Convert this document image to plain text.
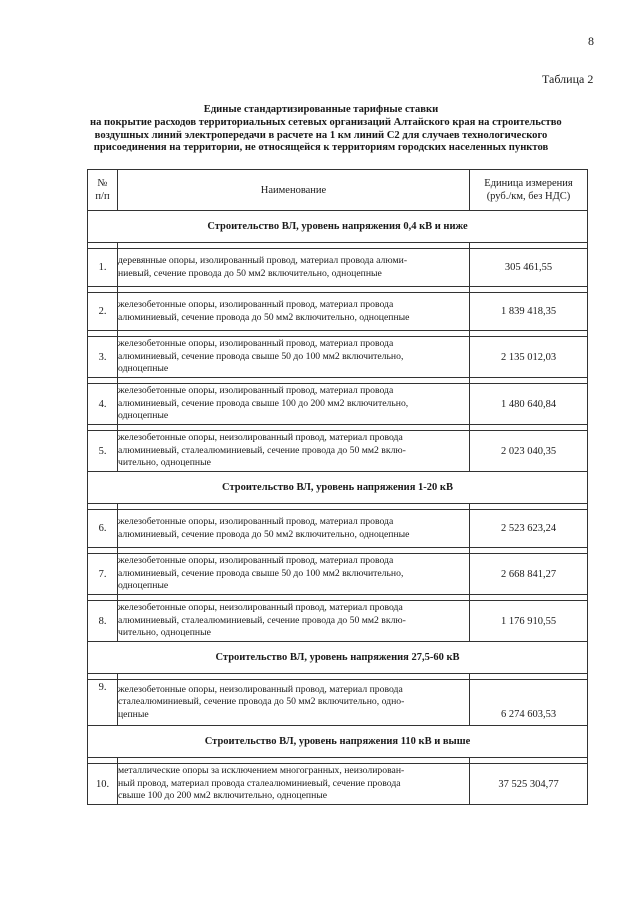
8
Таблица 2
Единые стандартизированные тарифные ставки
на покрытие расходов территориальных сетевых организаций Алтайского края на строительство
воздушных линий электропередачи в расчете на 1 км линий С2 для случаев технологического
присоединения на территории, не относящейся к территориям городских населенных пунктов
№
п/п	Наименование	Единица измерения
(руб./км, без НДС)
Строительство ВЛ, уровень напряжения 0,4 кВ и ниже		

1.	деревянные опоры, изолированный провод, материал провода алюми-
ниевый, сечение провода до 50 мм2 включительно, одноцепные	305 461,55

2.	железобетонные опоры, изолированный провод, материал провода
алюминиевый, сечение провода до 50 мм2 включительно, одноцепные	1 839 418,35

3.	железобетонные опоры, изолированный провод, материал провода
алюминиевый, сечение провода свыше 50 до 100 мм2 включительно,
одноцепные	2 135 012,03

4.	железобетонные опоры, изолированный провод, материал провода
алюминиевый, сечение провода свыше 100 до 200 мм2 включительно,
одноцепные	1 480 640,84

5.	железобетонные опоры, неизолированный провод, материал провода
алюминиевый, сталеалюминиевый, сечение провода до 50 мм2 вклю-
чительно, одноцепные	2 023 040,35
Строительство ВЛ, уровень напряжения 1-20 кВ		

6.	железобетонные опоры, изолированный провод, материал провода
алюминиевый, сечение провода до 50 мм2 включительно, одноцепные	2 523 623,24

7.	железобетонные опоры, изолированный провод, материал провода
алюминиевый, сечение провода свыше 50 до 100 мм2 включительно,
одноцепные	2 668 841,27

8.	железобетонные опоры, неизолированный провод, материал провода
алюминиевый, сталеалюминиевый, сечение провода до 50 мм2 вклю-
чительно, одноцепные	1 176 910,55
Строительство ВЛ, уровень напряжения 27,5-60 кВ		

9.	железобетонные опоры, неизолированный провод, материал провода
сталеалюминиевый, сечение провода до 50 мм2 включительно, одно-
цепные	6 274 603,53
Строительство ВЛ, уровень напряжения 110 кВ и выше		

10.	металлические опоры за исключением многогранных, неизолирован-
ный провод, материал провода сталеалюминиевый, сечение провода
свыше 100 до 200 мм2 включительно, одноцепные	37 525 304,77
